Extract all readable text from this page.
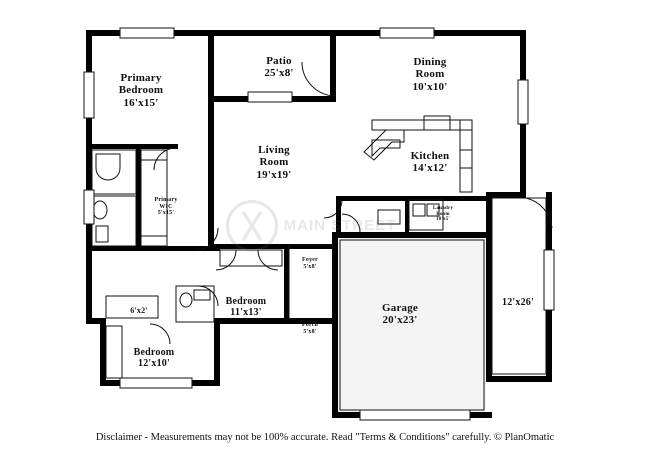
Primary
Bedroom
16'x15'
Patio
25'x8'
Dining
Room
10'x10'
Living
Room
19'x19'
Kitchen
14'x12'
Primary
WIC
5'x15'
Laundry
Room
10'x5'
Foyer
5'x8'
6'x2'
Bedroom
11'x13'
Porch
5'x8'
Garage
20'x23'
12'x26'
Bedroom
12'x10'
Disclaimer - Measurements may not be 100% accurate. Read "Terms & Conditions" carefully. © PlanOmatic
